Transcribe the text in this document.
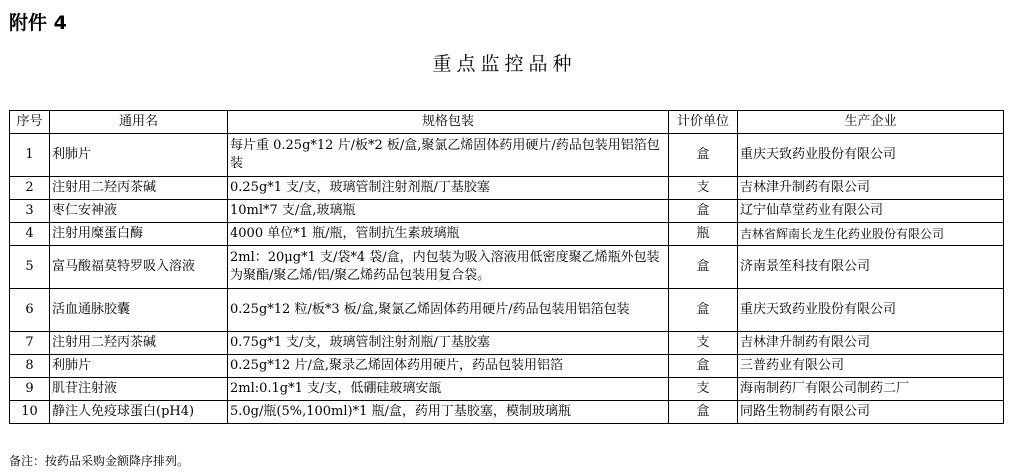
附件 4
重点监控品种
序号	通用名	规格包装	计价单位	生产企业
1	利肺片	每片重 0.25g*12 片/板*2 板/盒,聚氯乙烯固体药用硬片/药品包装用铝箔包装	盒	重庆天致药业股份有限公司
2	注射用二羟丙茶碱	0.25g*1 支/支，玻璃管制注射剂瓶/丁基胶塞	支	吉林津升制药有限公司
3	枣仁安神液	10ml*7 支/盒,玻璃瓶	盒	辽宁仙草堂药业有限公司
4	注射用糜蛋白酶	4000 单位*1 瓶/瓶，管制抗生素玻璃瓶	瓶	吉林省辉南长龙生化药业股份有限公司
5	富马酸福莫特罗吸入溶液	2ml：20μg*1 支/袋*4 袋/盒，内包装为吸入溶液用低密度聚乙烯瓶外包装为聚酯/聚乙烯/铝/聚乙烯药品包装用复合袋。	盒	济南景笙科技有限公司
6	活血通脉胶囊	0.25g*12 粒/板*3 板/盒,聚氯乙烯固体药用硬片/药品包装用铝箔包装	盒	重庆天致药业股份有限公司
7	注射用二羟丙茶碱	0.75g*1 支/支，玻璃管制注射剂瓶/丁基胶塞	支	吉林津升制药有限公司
8	利肺片	0.25g*12 片/盒,聚录乙烯固体药用硬片，药品包装用铝箔	盒	三普药业有限公司
9	肌苷注射液	2ml:0.1g*1 支/支，低硼硅玻璃安瓿	支	海南制药厂有限公司制药二厂
10	静注人免疫球蛋白(pH4)	5.0g/瓶(5%,100ml)*1 瓶/盒，药用丁基胶塞，模制玻璃瓶	盒	同路生物制药有限公司
备注：按药品采购金额降序排列。
